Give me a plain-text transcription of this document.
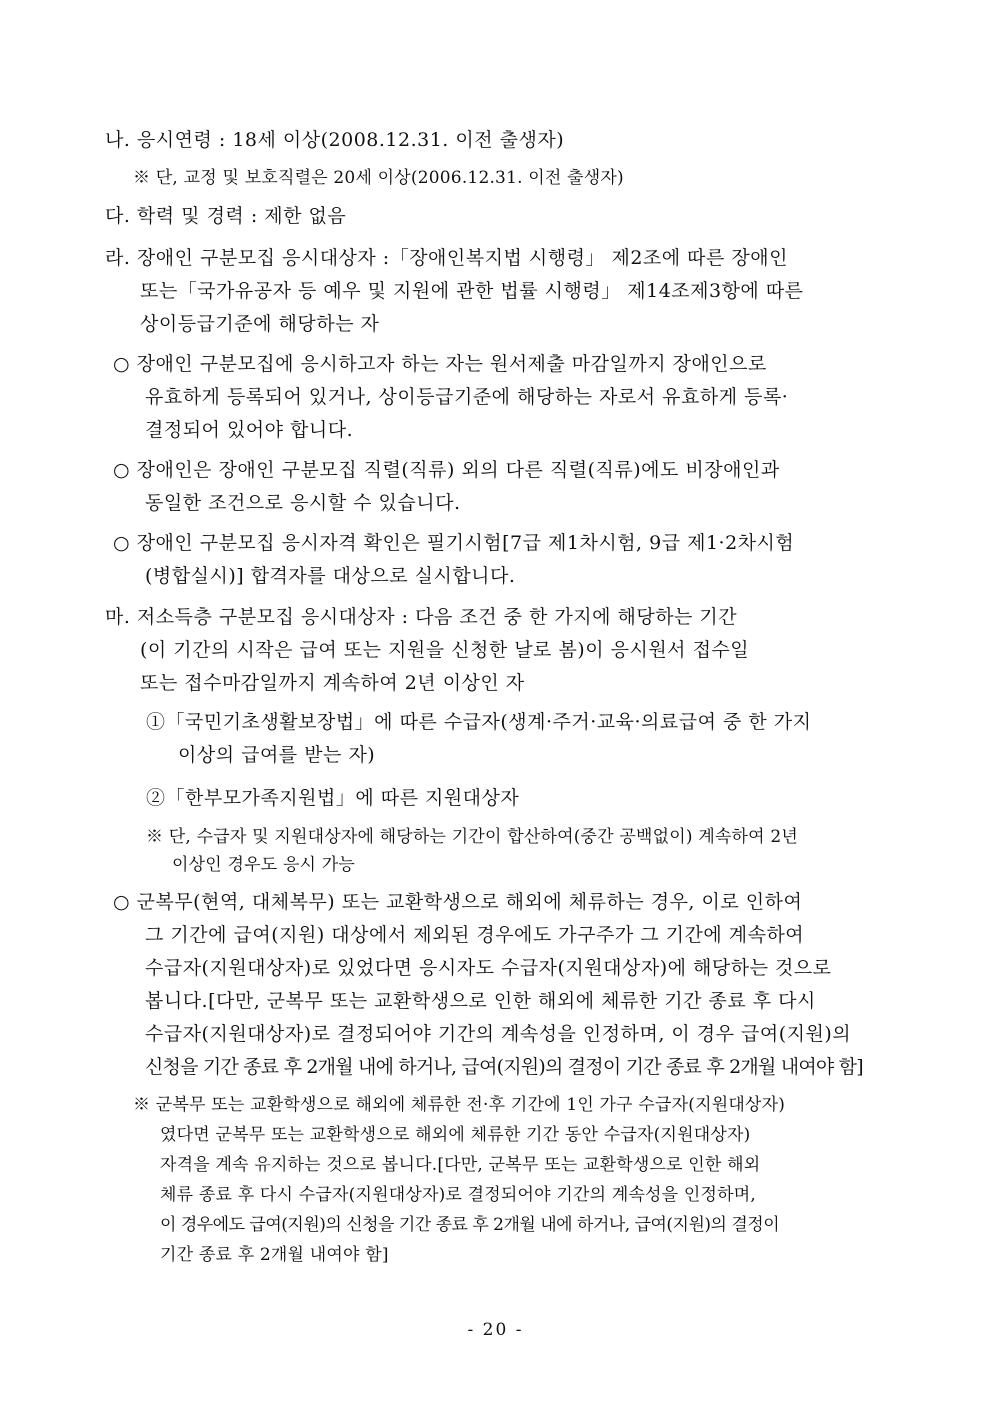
나. 응시연령 : 18세 이상(2008.12.31. 이전 출생자)
※ 단, 교정 및 보호직렬은 20세 이상(2006.12.31. 이전 출생자)
다. 학력 및 경력 : 제한 없음
라. 장애인 구분모집 응시대상자 :「장애인복지법 시행령」 제2조에 따른 장애인
또는「국가유공자 등 예우 및 지원에 관한 법률 시행령」 제14조제3항에 따른
상이등급기준에 해당하는 자
○ 장애인 구분모집에 응시하고자 하는 자는 원서제출 마감일까지 장애인으로
유효하게 등록되어 있거나, 상이등급기준에 해당하는 자로서 유효하게 등록·
결정되어 있어야 합니다.
○ 장애인은 장애인 구분모집 직렬(직류) 외의 다른 직렬(직류)에도 비장애인과
동일한 조건으로 응시할 수 있습니다.
○ 장애인 구분모집 응시자격 확인은 필기시험[7급 제1차시험, 9급 제1·2차시험
(병합실시)] 합격자를 대상으로 실시합니다.
마. 저소득층 구분모집 응시대상자 : 다음 조건 중 한 가지에 해당하는 기간
(이 기간의 시작은 급여 또는 지원을 신청한 날로 봄)이 응시원서 접수일
또는 접수마감일까지 계속하여 2년 이상인 자
①「국민기초생활보장법」에 따른 수급자(생계·주거·교육·의료급여 중 한 가지
이상의 급여를 받는 자)
②「한부모가족지원법」에 따른 지원대상자
※ 단, 수급자 및 지원대상자에 해당하는 기간이 합산하여(중간 공백없이) 계속하여 2년
이상인 경우도 응시 가능
○ 군복무(현역, 대체복무) 또는 교환학생으로 해외에 체류하는 경우, 이로 인하여
그 기간에 급여(지원) 대상에서 제외된 경우에도 가구주가 그 기간에 계속하여
수급자(지원대상자)로 있었다면 응시자도 수급자(지원대상자)에 해당하는 것으로
봅니다.[다만, 군복무 또는 교환학생으로 인한 해외에 체류한 기간 종료 후 다시
수급자(지원대상자)로 결정되어야 기간의 계속성을 인정하며, 이 경우 급여(지원)의
신청을 기간 종료 후 2개월 내에 하거나, 급여(지원)의 결정이 기간 종료 후 2개월 내여야 함]
※ 군복무 또는 교환학생으로 해외에 체류한 전·후 기간에 1인 가구 수급자(지원대상자)
였다면 군복무 또는 교환학생으로 해외에 체류한 기간 동안 수급자(지원대상자)
자격을 계속 유지하는 것으로 봅니다.[다만, 군복무 또는 교환학생으로 인한 해외
체류 종료 후 다시 수급자(지원대상자)로 결정되어야 기간의 계속성을 인정하며,
이 경우에도 급여(지원)의 신청을 기간 종료 후 2개월 내에 하거나, 급여(지원)의 결정이
기간 종료 후 2개월 내여야 함]
- 20 -
